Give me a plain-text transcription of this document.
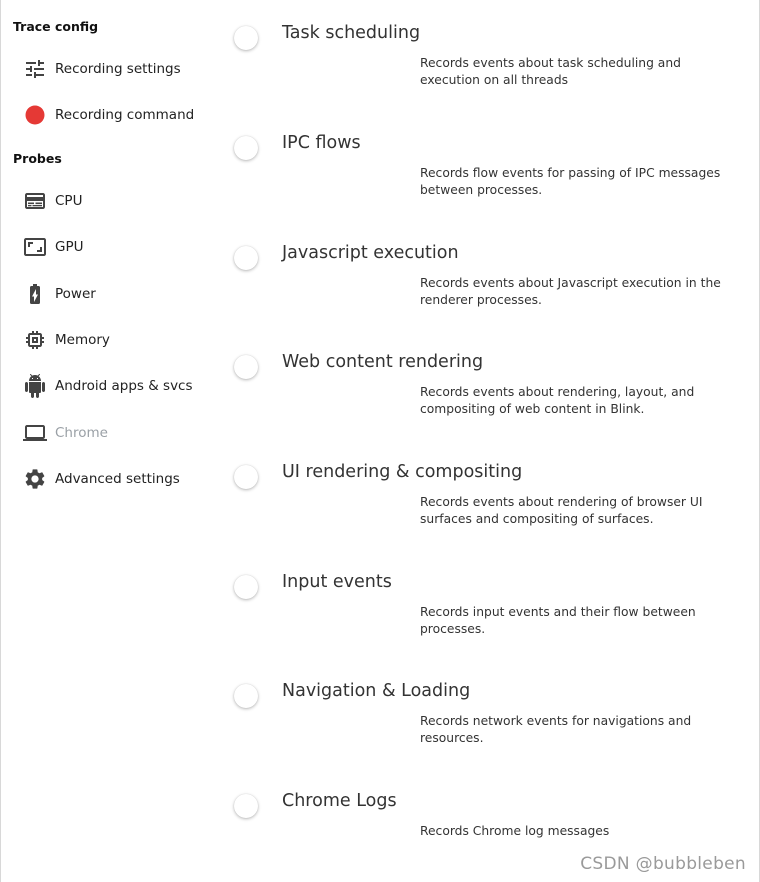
Trace config
Recording settings
Recording command
Probes
CPU
GPU
Power
Memory
Android apps & svcs
Chrome
Advanced settings
Task scheduling
Records events about task scheduling and execution on all threads
IPC flows
Records flow events for passing of IPC messages between processes.
Javascript execution
Records events about Javascript execution in the renderer processes.
Web content rendering
Records events about rendering, layout, and compositing of web content in Blink.
UI rendering & compositing
Records events about rendering of browser UI surfaces and compositing of surfaces.
Input events
Records input events and their flow between processes.
Navigation & Loading
Records network events for navigations and resources.
Chrome Logs
Records Chrome log messages
CSDN @bubbleben
